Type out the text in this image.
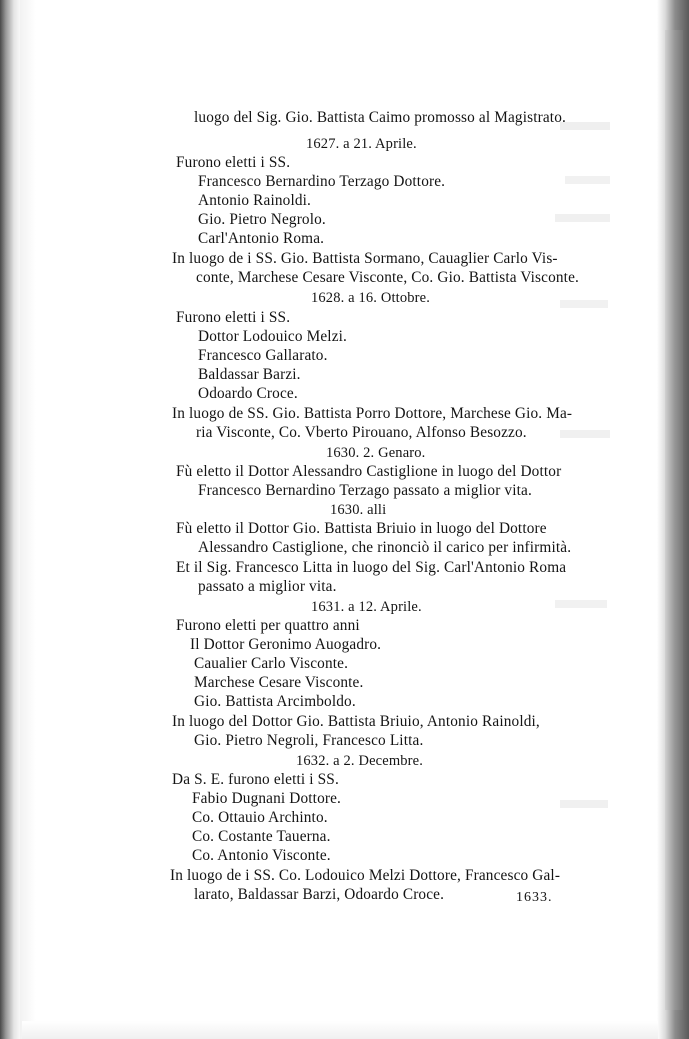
luogo del Sig. Gio. Battista Caimo promosso al Magistrato.
1627. a 21. Aprile.
Furono eletti i SS.
Francesco Bernardino Terzago Dottore.
Antonio Rainoldi.
Gio. Pietro Negrolo.
Carl'Antonio Roma.
In luogo de i SS. Gio. Battista Sormano, Cauaglier Carlo Vis-
conte, Marchese Cesare Visconte, Co. Gio. Battista Visconte.
1628. a 16. Ottobre.
Furono eletti i SS.
Dottor Lodouico Melzi.
Francesco Gallarato.
Baldassar Barzi.
Odoardo Croce.
In luogo de SS. Gio. Battista Porro Dottore, Marchese Gio. Ma-
ria Visconte, Co. Vberto Pirouano, Alfonso Besozzo.
1630. 2. Genaro.
Fù eletto il Dottor Alessandro Castiglione in luogo del Dottor
Francesco Bernardino Terzago passato a miglior vita.
1630. alli
Fù eletto il Dottor Gio. Battista Briuio in luogo del Dottore
Alessandro Castiglione, che rinonciò il carico per infirmità.
Et il Sig. Francesco Litta in luogo del Sig. Carl'Antonio Roma
passato a miglior vita.
1631. a 12. Aprile.
Furono eletti per quattro anni
Il Dottor Geronimo Auogadro.
Caualier Carlo Visconte.
Marchese Cesare Visconte.
Gio. Battista Arcimboldo.
In luogo del Dottor Gio. Battista Briuio, Antonio Rainoldi,
Gio. Pietro Negroli, Francesco Litta.
1632. a 2. Decembre.
Da S. E. furono eletti i SS.
Fabio Dugnani Dottore.
Co. Ottauio Archinto.
Co. Costante Tauerna.
Co. Antonio Visconte.
In luogo de i SS. Co. Lodouico Melzi Dottore, Francesco Gal-
larato, Baldassar Barzi, Odoardo Croce.	1633.
